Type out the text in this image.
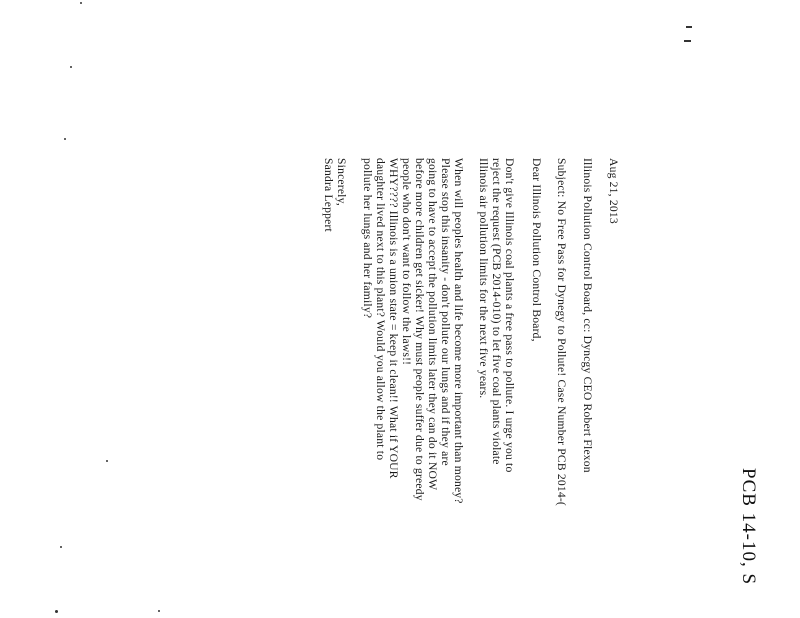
PCB 14-10, S
Aug 21, 2013
Illinois Pollution Control Board, cc: Dyncgy CEO Robert Flexon
Subject: No Free Pass for Dynegy to Pollute! Case Number PCB 2014-(
Dear Illinois Pollution Control Board,
Don't give Illinois coal plants a free pass to pollute. I urge you to
reject the request (PCB 2014-010) to let five coal plants violate
Illinois air pollution limits for the next five years.
When will peoples health and life become more important than money?
Please stop this insanity - don't pollute our lungs and if they are
going to have to accept the pollution limits later they can do it NOW
before more children get sicker! Why must people suffer due to greedy
people who don't want to follow the laws!!
WHY???? Illinois is a union state = keep it clean!! What if YOUR
daughter lived next to this plant? Would you allow the plant to
pollute her lungs and her family?
Sincerely,
Sandra Leppert
